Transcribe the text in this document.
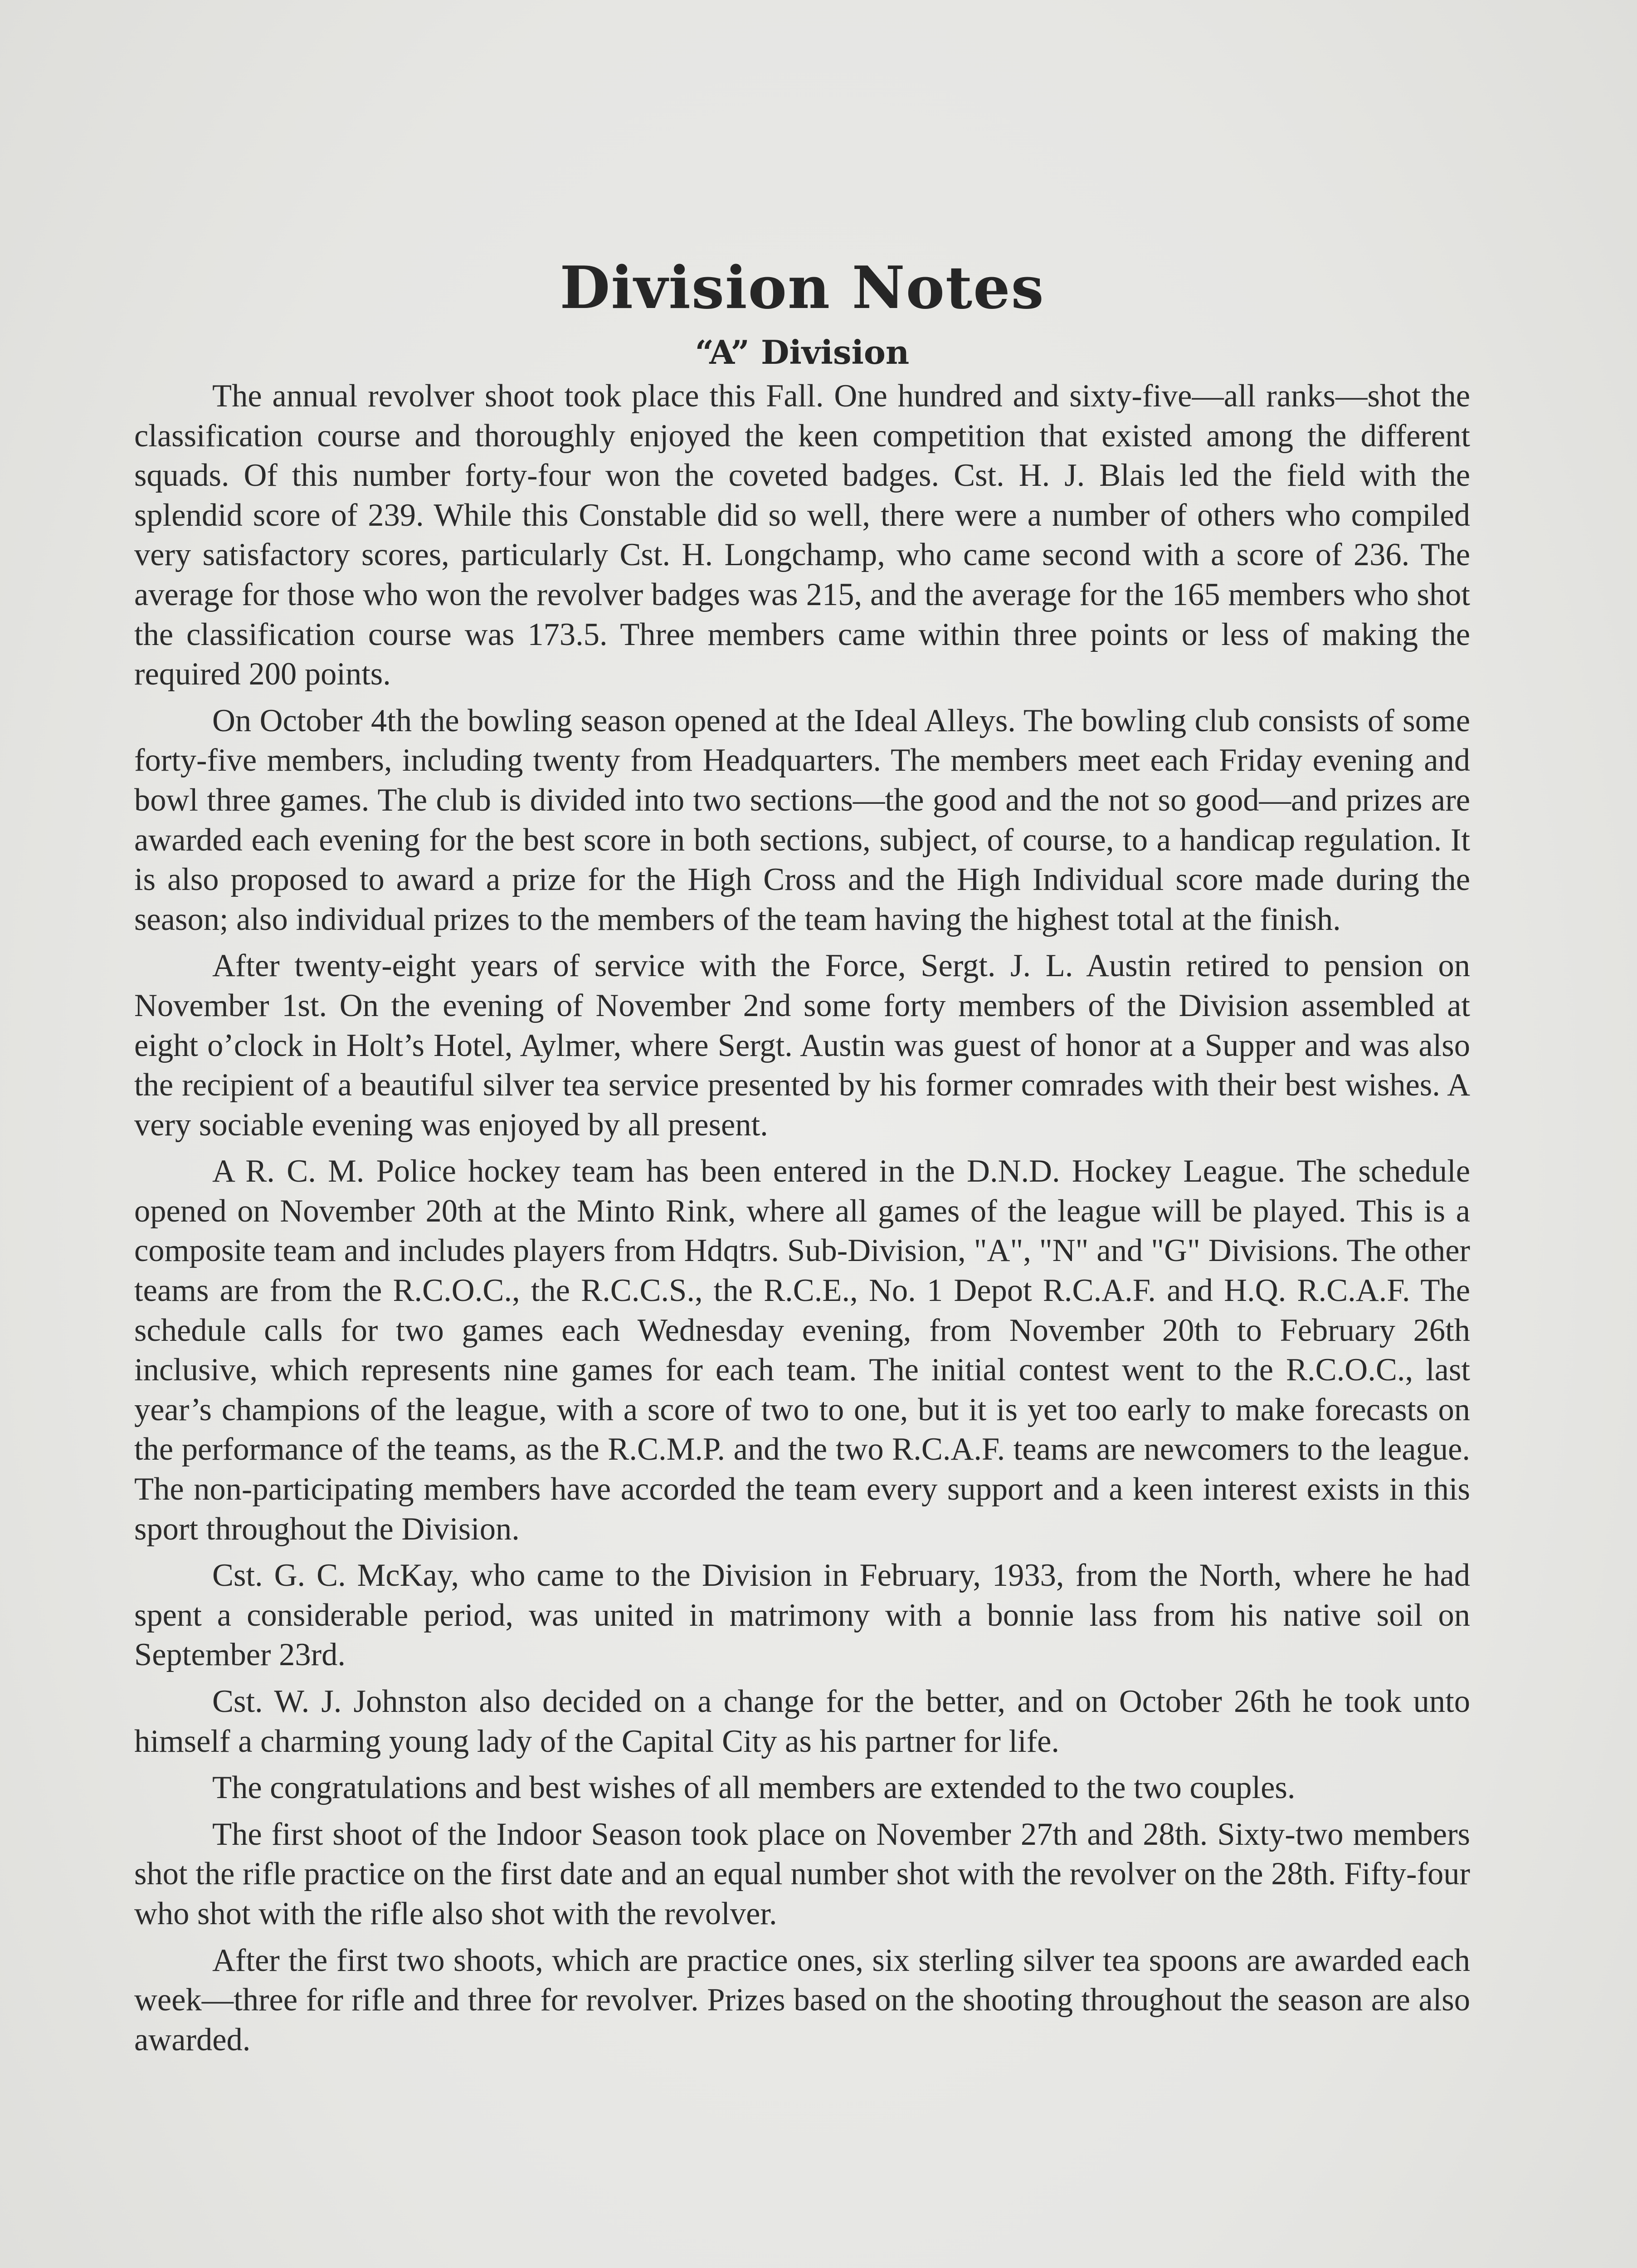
Division Notes
“A” Division

The annual revolver shoot took place this Fall. One hundred and sixty-five—all ranks—shot the classification course and thoroughly enjoyed the keen competition that existed among the different squads. Of this number forty-four won the coveted badges. Cst. H. J. Blais led the field with the splendid score of 239. While this Constable did so well, there were a number of others who compiled very satisfactory scores, particularly Cst. H. Longchamp, who came second with a score of 236. The average for those who won the revolver badges was 215, and the average for the 165 members who shot the classification course was 173.5. Three members came within three points or less of making the required 200 points.

On October 4th the bowling season opened at the Ideal Alleys. The bowling club consists of some forty-five members, including twenty from Headquarters. The members meet each Friday evening and bowl three games. The club is divided into two sections—the good and the not so good—and prizes are awarded each evening for the best score in both sections, subject, of course, to a handicap regulation. It is also proposed to award a prize for the High Cross and the High Individual score made during the season; also individual prizes to the members of the team having the highest total at the finish.

After twenty-eight years of service with the Force, Sergt. J. L. Austin retired to pension on November 1st. On the evening of November 2nd some forty members of the Division assembled at eight o’clock in Holt’s Hotel, Aylmer, where Sergt. Austin was guest of honor at a Supper and was also the recipient of a beautiful silver tea service presented by his former comrades with their best wishes. A very sociable evening was enjoyed by all present.

A R. C. M. Police hockey team has been entered in the D.N.D. Hockey League. The schedule opened on November 20th at the Minto Rink, where all games of the league will be played. This is a composite team and includes players from Hdqtrs. Sub-Division, "A", "N" and "G" Divisions. The other teams are from the R.C.O.C., the R.C.C.S., the R.C.E., No. 1 Depot R.C.A.F. and H.Q. R.C.A.F. The schedule calls for two games each Wednesday evening, from November 20th to February 26th inclusive, which represents nine games for each team. The initial contest went to the R.C.O.C., last year’s champions of the league, with a score of two to one, but it is yet too early to make forecasts on the performance of the teams, as the R.C.M.P. and the two R.C.A.F. teams are newcomers to the league. The non-participating members have accorded the team every support and a keen interest exists in this sport throughout the Division.

Cst. G. C. McKay, who came to the Division in February, 1933, from the North, where he had spent a considerable period, was united in matrimony with a bonnie lass from his native soil on September 23rd.

Cst. W. J. Johnston also decided on a change for the better, and on October 26th he took unto himself a charming young lady of the Capital City as his partner for life.

The congratulations and best wishes of all members are extended to the two couples.

The first shoot of the Indoor Season took place on November 27th and 28th. Sixty-two members shot the rifle practice on the first date and an equal number shot with the revolver on the 28th. Fifty-four who shot with the rifle also shot with the revolver.

After the first two shoots, which are practice ones, six sterling silver tea spoons are awarded each week—three for rifle and three for revolver. Prizes based on the shooting throughout the season are also awarded.
